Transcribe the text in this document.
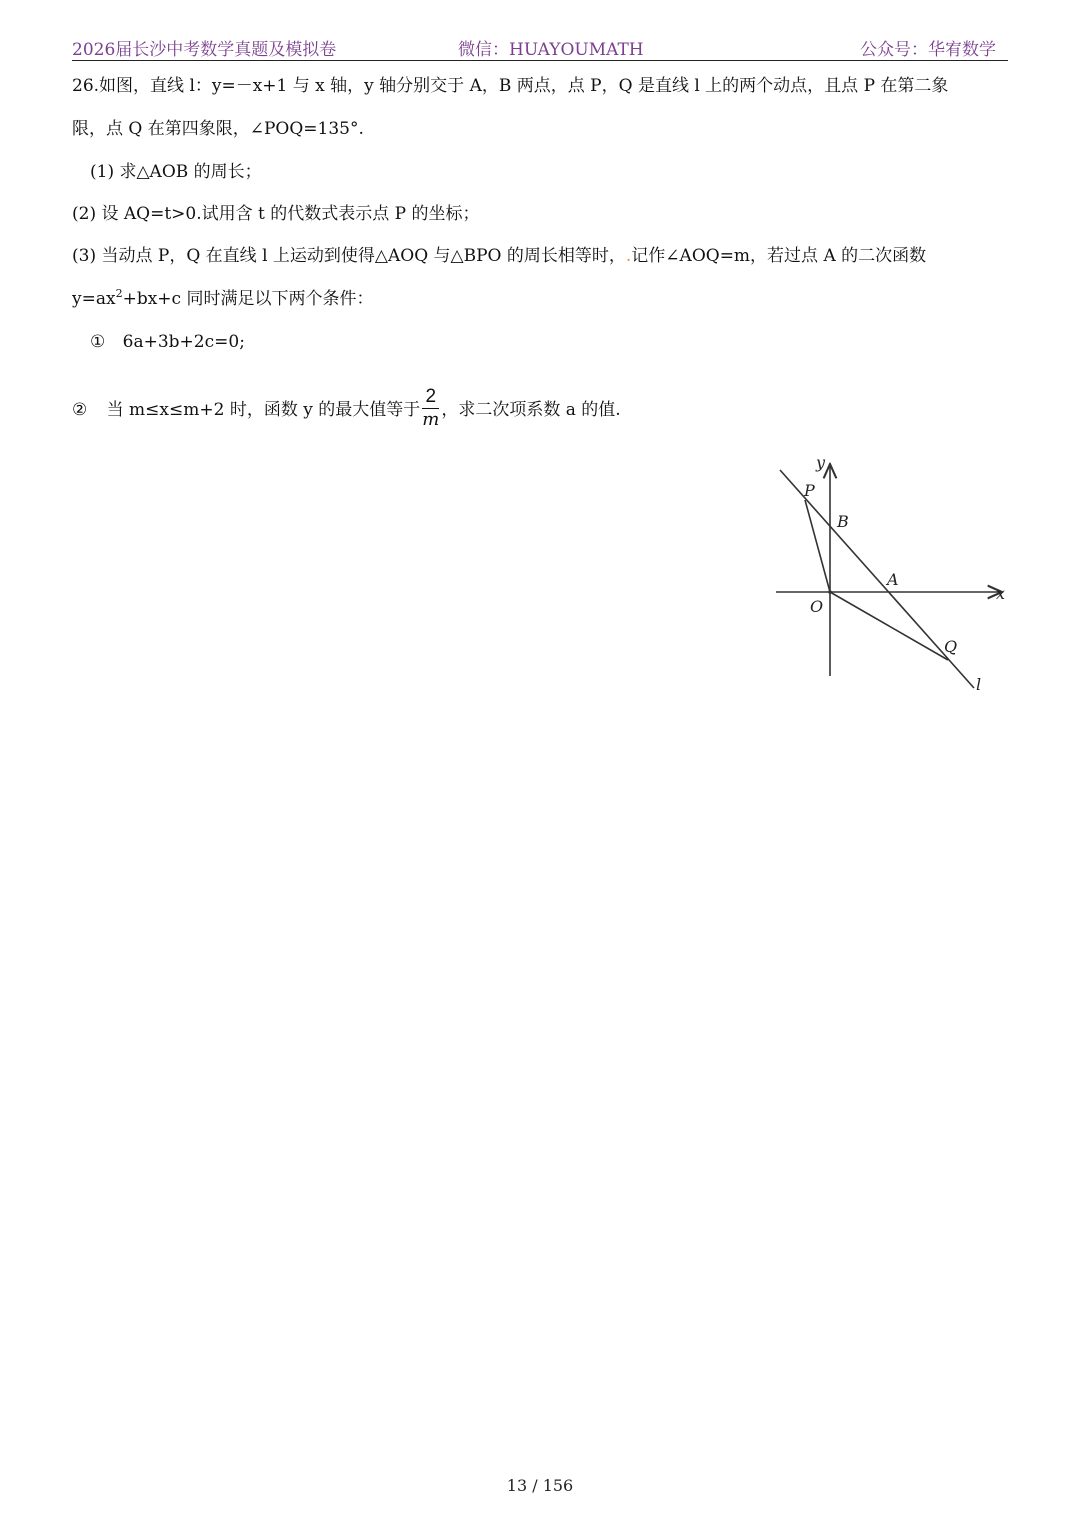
2026届长沙中考数学真题及模拟卷	微信：HUAYOUMATH	公众号：华宥数学
26.如图，直线 l：y=－x+1 与 x 轴，y 轴分别交于 A，B 两点，点 P，Q 是直线 l 上的两个动点，且点 P 在第二象
限，点 Q 在第四象限，∠POQ=135°.
(1) 求△AOB 的周长；
(2) 设 AQ=t>0.试用含 t 的代数式表示点 P 的坐标；
(3) 当动点 P，Q 在直线 l 上运动到使得△AOQ 与△BPO 的周长相等时，.记作∠AOQ=m，若过点 A 的二次函数
$y=ax^2+bx+c$ 同时满足以下两个条件：
① 6a+3b+2c=0;
② 当 m≤x≤m+2 时，函数 y 的最大值等于 $\frac{2}{m}$ ，求二次项系数 a 的值.
y
x
P
B
A
O
Q
l
13 / 156
